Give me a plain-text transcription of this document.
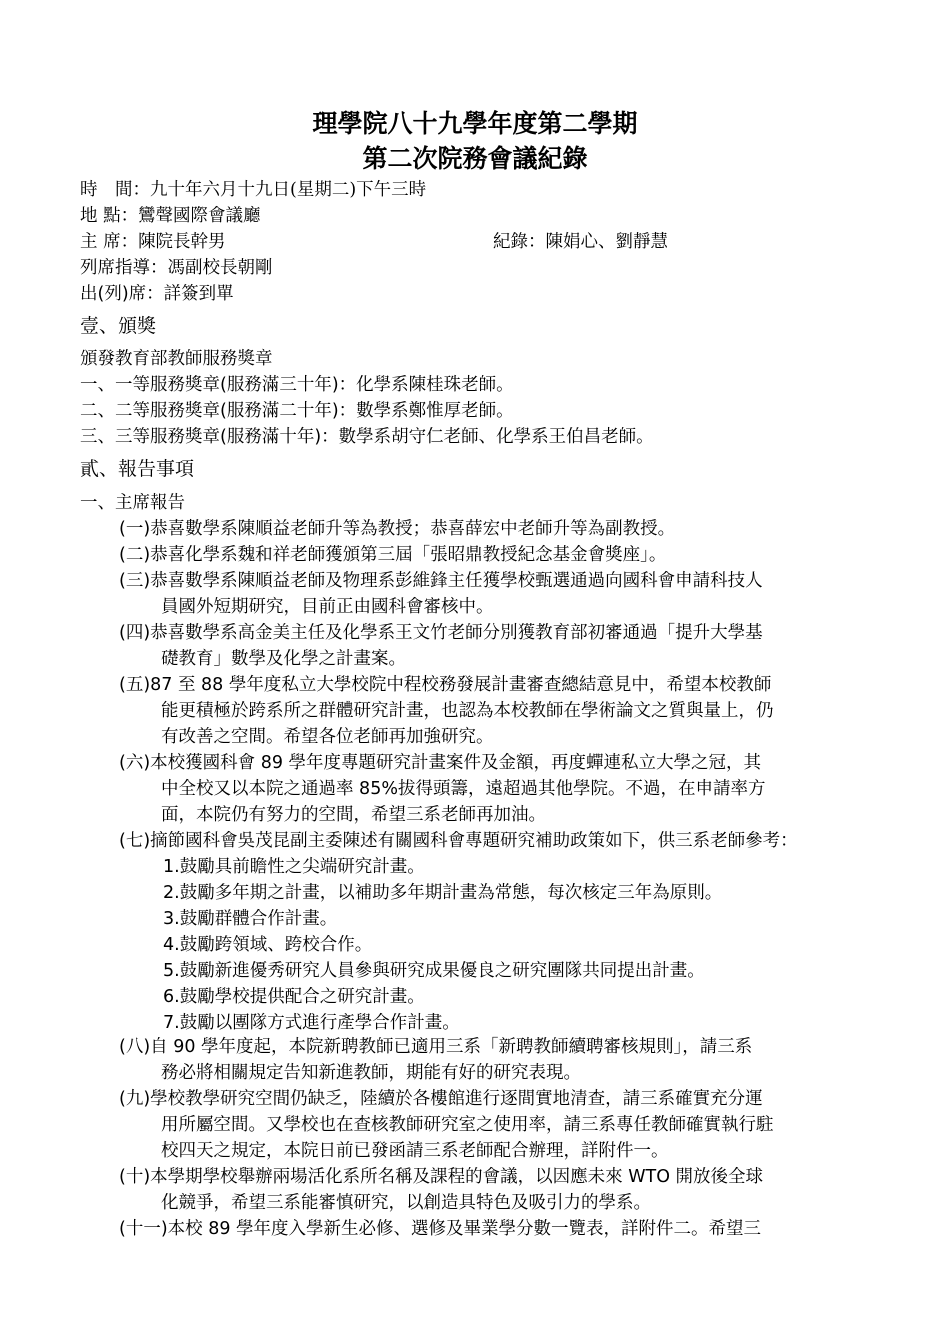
理學院八十九學年度第二學期
第二次院務會議紀錄
時　間：九十年六月十九日(星期二)下午三時
地 點：鸞聲國際會議廳
主 席：陳院長幹男	紀錄：陳娟心、劉靜慧
列席指導：馮副校長朝剛
出(列)席：詳簽到單
壹、頒獎
頒發教育部教師服務獎章
一、一等服務獎章(服務滿三十年)：化學系陳桂珠老師。
二、二等服務獎章(服務滿二十年)：數學系鄭惟厚老師。
三、三等服務獎章(服務滿十年)：數學系胡守仁老師、化學系王伯昌老師。
貳、報告事項
一、主席報告
(一)恭喜數學系陳順益老師升等為教授；恭喜薛宏中老師升等為副教授。
(二)恭喜化學系魏和祥老師獲頒第三屆「張昭鼎教授紀念基金會獎座」。
(三)恭喜數學系陳順益老師及物理系彭維鋒主任獲學校甄選通過向國科會申請科技人
員國外短期研究，目前正由國科會審核中。
(四)恭喜數學系高金美主任及化學系王文竹老師分別獲教育部初審通過「提升大學基
礎教育」數學及化學之計畫案。
(五)87 至 88 學年度私立大學校院中程校務發展計畫審查總結意見中，希望本校教師
能更積極於跨系所之群體研究計畫，也認為本校教師在學術論文之質與量上，仍
有改善之空間。希望各位老師再加強研究。
(六)本校獲國科會 89 學年度專題研究計畫案件及金額，再度蟬連私立大學之冠，其
中全校又以本院之通過率 85%拔得頭籌，遠超過其他學院。不過，在申請率方
面，本院仍有努力的空間，希望三系老師再加油。
(七)摘節國科會吳茂昆副主委陳述有關國科會專題研究補助政策如下，供三系老師參考：
1.鼓勵具前瞻性之尖端研究計畫。
2.鼓勵多年期之計畫，以補助多年期計畫為常態，每次核定三年為原則。
3.鼓勵群體合作計畫。
4.鼓勵跨領域、跨校合作。
5.鼓勵新進優秀研究人員參與研究成果優良之研究團隊共同提出計畫。
6.鼓勵學校提供配合之研究計畫。
7.鼓勵以團隊方式進行產學合作計畫。
(八)自 90 學年度起，本院新聘教師已適用三系「新聘教師續聘審核規則」，請三系
務必將相關規定告知新進教師，期能有好的研究表現。
(九)學校教學研究空間仍缺乏，陸續於各樓館進行逐間實地清查，請三系確實充分運
用所屬空間。又學校也在查核教師研究室之使用率，請三系專任教師確實執行駐
校四天之規定，本院日前已發函請三系老師配合辦理，詳附件一。
(十)本學期學校舉辦兩場活化系所名稱及課程的會議，以因應未來 WTO 開放後全球
化競爭，希望三系能審慎研究，以創造具特色及吸引力的學系。
(十一)本校 89 學年度入學新生必修、選修及畢業學分數一覽表，詳附件二。希望三
